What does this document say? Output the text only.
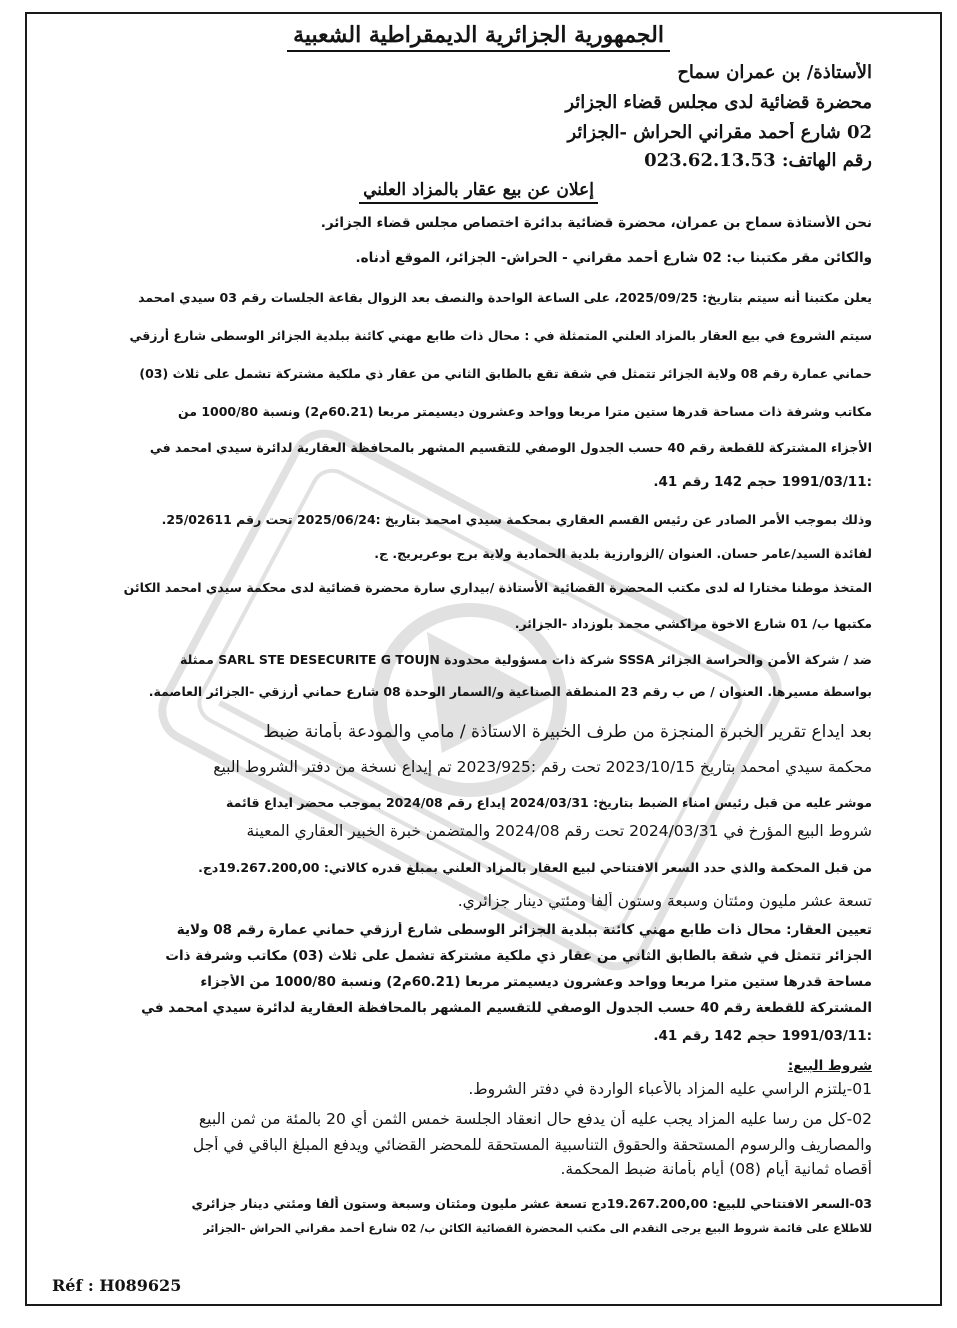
الجمهورية الجزائرية الديمقراطية الشعبية
الأستاذة/ بن عمران سماح
محضرة قضائية لدى مجلس قضاء الجزائر
02 شارع أحمد مقراني الحراش -الجزائر
رقم الهاتف: 023.62.13.53
إعلان عن بيع عقار بالمزاد العلني
نحن الأستاذة سماح بن عمران، محضرة قضائية بدائرة اختصاص مجلس قضاء الجزائر.
والكائن مقر مكتبنا ب: 02 شارع أحمد مقراني - الحراش- الجزائر، الموقع أدناه.
يعلن مكتبنا أنه سيتم بتاريخ: 2025/09/25، على الساعة الواحدة والنصف بعد الزوال بقاعة الجلسات رقم 03 سيدي امحمد
سيتم الشروع في بيع العقار بالمزاد العلني المتمثلة في : محال ذات طابع مهني كائنة ببلدية الجزائر الوسطى شارع أرزقي
حماني عمارة رقم 08 ولاية الجزائر تتمثل في شقة تقع بالطابق الثاني من عقار ذي ملكية مشتركة تشمل على ثلاث (03)
مكاتب وشرفة ذات مساحة قدرها ستين مترا مربعا وواحد وعشرون ديسيمتر مربعا (60.21م2) ونسبة 1000/80 من
الأجزاء المشتركة للقطعة رقم 40 حسب الجدول الوصفي للتقسيم المشهر بالمحافظة العقارية لدائرة سيدي امحمد في
:1991/03/11 حجم 142 رقم 41.
وذلك بموجب الأمر الصادر عن رئيس القسم العقاري بمحكمة سيدي امحمد بتاريخ :2025/06/24 تحت رقم 25/02611.
لفائدة السيد/عامر حسان. العنوان /الزوارزية بلدية الحمادية ولاية برج بوعريريج. ج.
المتخذ موطنا مختارا له لدى مكتب المحضرة القضائية الأستاذة /بيداري سارة محضرة قضائية لدى محكمة سيدي امحمد الكائن
مكتبها ب/ 01 شارع الاخوة مراكشي محمد بلوزداد -الجزائر.
ضد / شركة الأمن والحراسة الجزائر SSSA شركة ذات مسؤولية محدودة SARL STE DESECURITE G TOUJN ممثلة
بواسطة مسيرها. العنوان / ص ب رقم 23 المنطقة الصناعية و/السمار الوحدة 08 شارع حماني أرزقي -الجزائر العاصمة.
بعد ايداع تقرير الخبرة المنجزة من طرف الخبيرة الاستاذة / مامي والمودعة بأمانة ضبط
محكمة سيدي امحمد بتاريخ 2023/10/15 تحت رقم :2023/925 تم إيداع نسخة من دفتر الشروط البيع
موشر عليه من قبل رئيس امناء الضبط بتاريخ: 2024/03/31 إيداع رقم 2024/08 بموجب محضر ايداع قائمة
شروط البيع المؤرخ في 2024/03/31 تحت رقم 2024/08 والمتضمن خبرة الخبير العقاري المعينة
من قبل المحكمة والذي حدد السعر الافتتاحي لبيع العقار بالمزاد العلني بمبلغ قدره كالاتي: 19.267.200,00دج.
تسعة عشر مليون ومئتان وسبعة وستون ألفا ومئتي دينار جزائري.
تعيين العقار: محال ذات طابع مهني كائنة ببلدية الجزائر الوسطى شارع أرزقي حماني عمارة رقم 08 ولاية
الجزائر تتمثل في شقة بالطابق الثاني من عقار ذي ملكية مشتركة تشمل على ثلاث (03) مكاتب وشرفة ذات
مساحة قدرها ستين مترا مربعا وواحد وعشرون ديسيمتر مربعا (60.21م2) ونسبة 1000/80 من الأجزاء
المشتركة للقطعة رقم 40 حسب الجدول الوصفي للتقسيم المشهر بالمحافظة العقارية لدائرة سيدي امحمد في
:1991/03/11 حجم 142 رقم 41.
شروط البيع:
01-يلتزم الراسي عليه المزاد بالأعباء الواردة في دفتر الشروط.
02-كل من رسا عليه المزاد يجب عليه أن يدفع حال انعقاد الجلسة خمس الثمن أي 20 بالمئة من ثمن البيع
والمصاريف والرسوم المستحقة والحقوق التناسبية المستحقة للمحضر القضائي ويدفع المبلغ الباقي في أجل
أقصاه ثمانية أيام (08) أيام بأمانة ضبط المحكمة.
03-السعر الافتتاحي للبيع: 19.267.200,00دج تسعة عشر مليون ومئتان وسبعة وستون ألفا ومئتي دينار جزائري
للاطلاع على قائمة شروط البيع يرجى التقدم الى مكتب المحضرة القضائية الكائن ب/ 02 شارع أحمد مقراني الحراش -الجزائر
Réf : H089625
